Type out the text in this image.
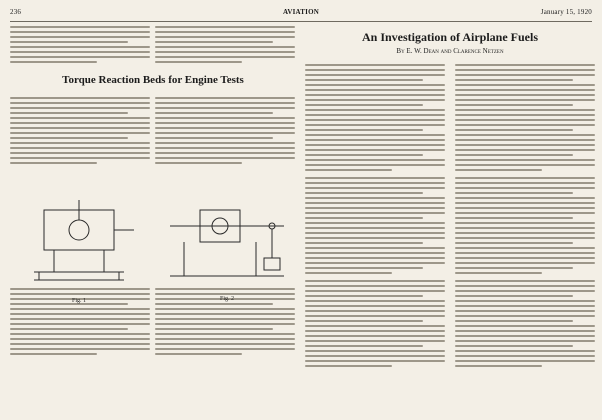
236	AVIATION	January 15, 1920
Torque Reaction Beds for Engine Tests
An Investigation of Airplane Fuels
By E. W. Dean and Clarence Netzen
Fig. 1	Fig. 2
